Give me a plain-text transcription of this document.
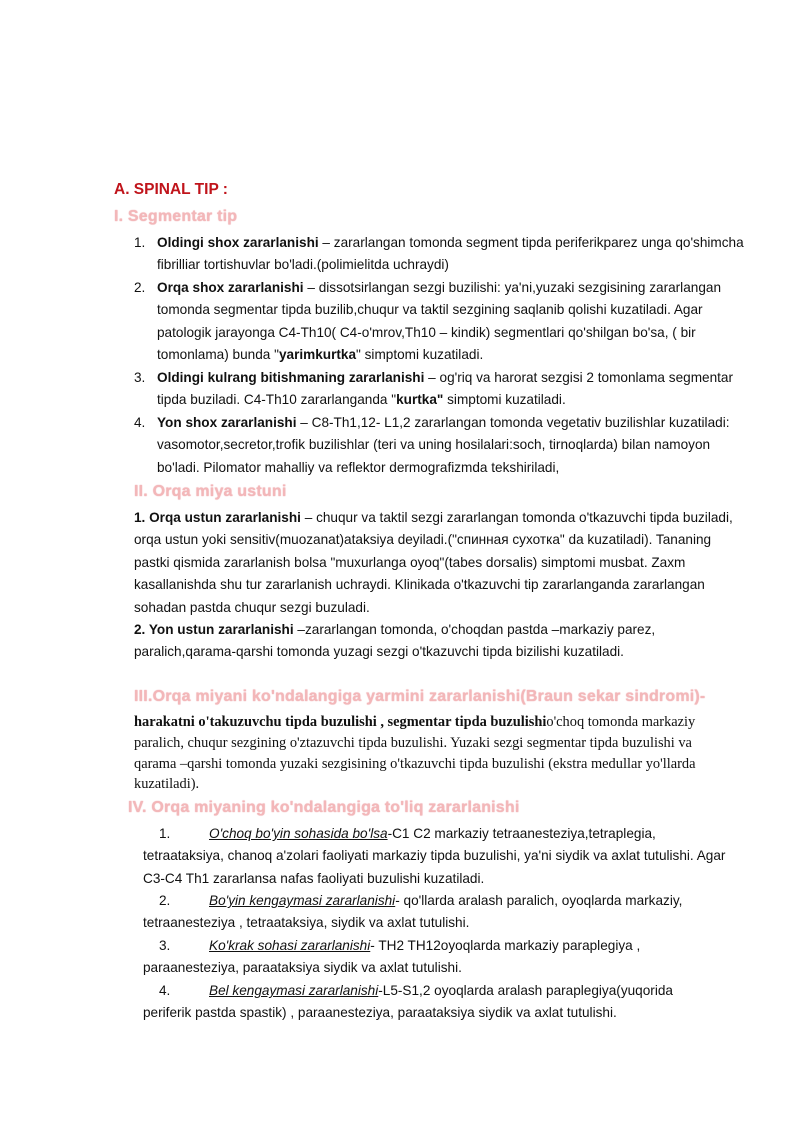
A. SPINAL TIP :
I. Segmentar tip
1. Oldingi shox zararlanishi – zararlangan tomonda segment tipda periferikparez unga qo'shimcha fibrilliar tortishuvlar bo'ladi.(polimielitda uchraydi)
2. Orqa shox zararlanishi – dissotsirlangan sezgi buzilishi: ya'ni,yuzaki sezgisining zararlangan tomonda segmentar tipda buzilib,chuqur va taktil sezgining saqlanib qolishi kuzatiladi. Agar patologik jarayonga C4-Th10( C4-o'mrov,Th10 – kindik) segmentlari qo'shilgan bo'sa, ( bir tomonlama) bunda "yarimkurtka" simptomi kuzatiladi.
3. Oldingi kulrang bitishmaning zararlanishi – og'riq va harorat sezgisi 2 tomonlama segmentar tipda buziladi. C4-Th10 zararlanganda "kurtka" simptomi kuzatiladi.
4. Yon shox zararlanishi – C8-Th1,12- L1,2 zararlangan tomonda vegetativ buzilishlar kuzatiladi: vasomotor,secretor,trofik buzilishlar (teri va uning hosilalari:soch, tirnoqlarda) bilan namoyon bo'ladi. Pilomator mahalliy va reflektor dermografizmda tekshiriladi,
II. Orqa miya ustuni
1. Orqa ustun zararlanishi – chuqur va taktil sezgi zararlangan tomonda o'tkazuvchi tipda buziladi, orqa ustun yoki sensitiv(muozanat)ataksiya deyiladi.("спинная сухотка" da kuzatiladi). Tananing pastki qismida zararlanish bolsa "muxurlanga oyoq"(tabes dorsalis) simptomi musbat. Zaxm kasallanishda shu tur zararlanish uchraydi. Klinikada o'tkazuvchi tip zararlanganda zararlangan sohadan pastda chuqur sezgi buzuladi.
2. Yon ustun zararlanishi –zararlangan tomonda, o'choqdan pastda –markaziy parez, paralich,qarama-qarshi tomonda yuzagi sezgi o'tkazuvchi tipda bizilishi kuzatiladi.
III.Orqa miyani ko'ndalangiga yarmini zararlanishi(Braun sekar sindromi)-
harakatni o'takuzuvchu tipda buzulishi , segmentar tipda buzulishio'choq tomonda markaziy paralich, chuqur sezgining o'ztazuvchi tipda buzulishi. Yuzaki sezgi segmentar tipda buzulishi va qarama –qarshi tomonda yuzaki sezgisining o'tkazuvchi tipda buzulishi (ekstra medullar yo'llarda kuzatiladi).
IV. Orqa miyaning ko'ndalangiga to'liq zararlanishi
1.	O'choq bo'yin sohasida bo'lsa-C1 C2 markaziy tetraanesteziya,tetraplegia,
tetraataksiya, chanoq a'zolari faoliyati markaziy tipda buzulishi, ya'ni siydik va axlat tutulishi. Agar C3-C4 Th1 zararlansa nafas faoliyati buzulishi kuzatiladi.
2.	Bo'yin kengaymasi zararlanishi- qo'llarda aralash paralich, oyoqlarda markaziy,
tetraanesteziya , tetraataksiya, siydik va axlat tutulishi.
3.	Ko'krak sohasi zararlanishi- TH2 TH12oyoqlarda markaziy paraplegiya ,
paraanesteziya, paraataksiya siydik va axlat tutulishi.
4.	Bel kengaymasi zararlanishi-L5-S1,2 oyoqlarda aralash paraplegiya(yuqorida
periferik pastda spastik) , paraanesteziya, paraataksiya siydik va axlat tutulishi.
